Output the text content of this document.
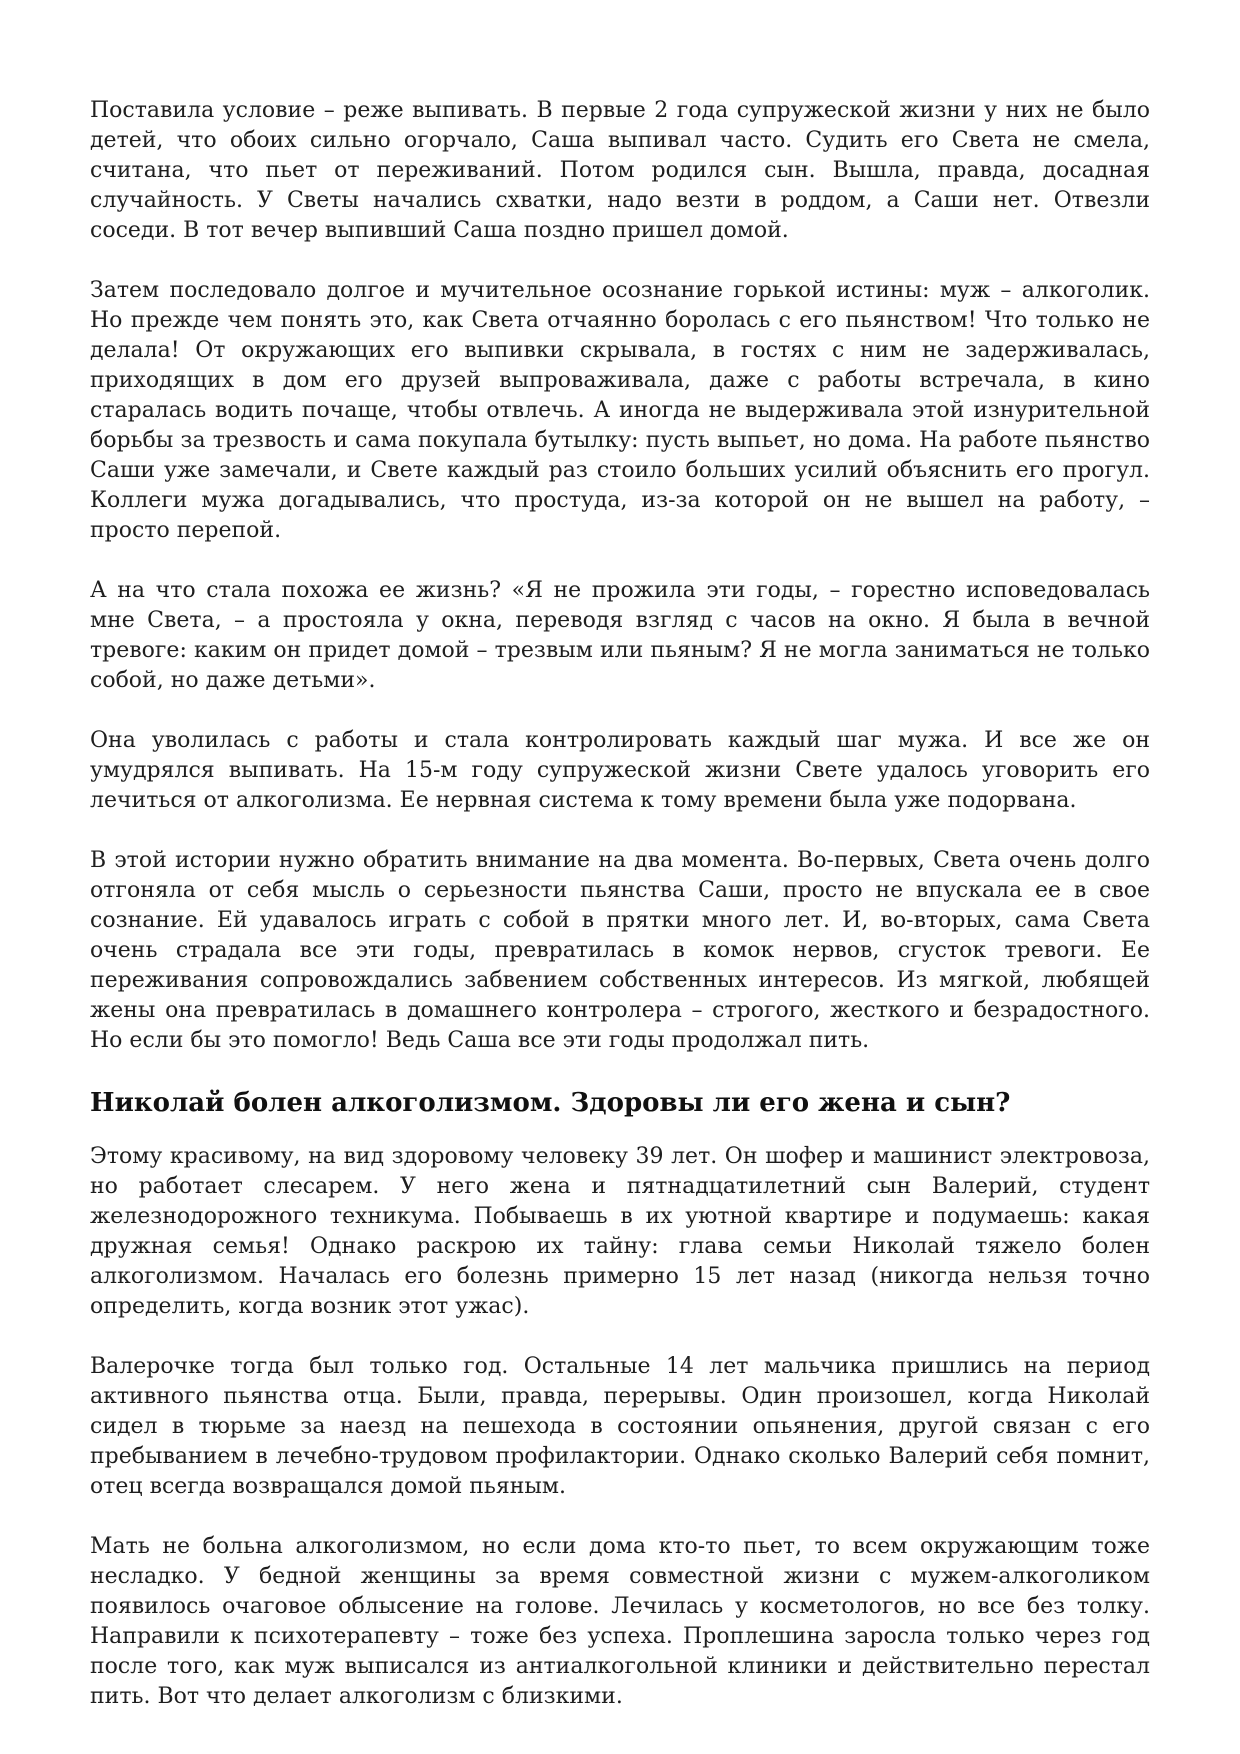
Поставила условие – реже выпивать. В первые 2 года супружеской жизни у них не было детей, что обоих сильно огорчало, Саша выпивал часто. Судить его Света не смела, считана, что пьет от переживаний. Потом родился сын. Вышла, правда, досадная случайность. У Светы начались схватки, надо везти в роддом, а Саши нет. Отвезли соседи. В тот вечер выпивший Саша поздно пришел домой.

Затем последовало долгое и мучительное осознание горькой истины: муж – алкоголик. Но прежде чем понять это, как Света отчаянно боролась с его пьянством! Что только не делала! От окружающих его выпивки скрывала, в гостях с ним не задерживалась, приходящих в дом его друзей выпроваживала, даже с работы встречала, в кино старалась водить почаще, чтобы отвлечь. А иногда не выдерживала этой изнурительной борьбы за трезвость и сама покупала бутылку: пусть выпьет, но дома. На работе пьянство Саши уже замечали, и Свете каждый раз стоило больших усилий объяснить его прогул. Коллеги мужа догадывались, что простуда, из-за которой он не вышел на работу, – просто перепой.

А на что стала похожа ее жизнь? «Я не прожила эти годы, – горестно исповедовалась мне Света, – а простояла у окна, переводя взгляд с часов на окно. Я была в вечной тревоге: каким он придет домой – трезвым или пьяным? Я не могла заниматься не только собой, но даже детьми».

Она уволилась с работы и стала контролировать каждый шаг мужа. И все же он умудрялся выпивать. На 15-м году супружеской жизни Свете удалось уговорить его лечиться от алкоголизма. Ее нервная система к тому времени была уже подорвана.

В этой истории нужно обратить внимание на два момента. Во-первых, Света очень долго отгоняла от себя мысль о серьезности пьянства Саши, просто не впускала ее в свое сознание. Ей удавалось играть с собой в прятки много лет. И, во-вторых, сама Света очень страдала все эти годы, превратилась в комок нервов, сгусток тревоги. Ее переживания сопровождались забвением собственных интересов. Из мягкой, любящей жены она превратилась в домашнего контролера – строгого, жесткого и безрадостного. Но если бы это помогло! Ведь Саша все эти годы продолжал пить.

Николай болен алкоголизмом. Здоровы ли его жена и сын?

Этому красивому, на вид здоровому человеку 39 лет. Он шофер и машинист электровоза, но работает слесарем. У него жена и пятнадцатилетний сын Валерий, студент железнодорожного техникума. Побываешь в их уютной квартире и подумаешь: какая дружная семья! Однако раскрою их тайну: глава семьи Николай тяжело болен алкоголизмом. Началась его болезнь примерно 15 лет назад (никогда нельзя точно определить, когда возник этот ужас).

Валерочке тогда был только год. Остальные 14 лет мальчика пришлись на период активного пьянства отца. Были, правда, перерывы. Один произошел, когда Николай сидел в тюрьме за наезд на пешехода в состоянии опьянения, другой связан с его пребыванием в лечебно-трудовом профилактории. Однако сколько Валерий себя помнит, отец всегда возвращался домой пьяным.

Мать не больна алкоголизмом, но если дома кто-то пьет, то всем окружающим тоже несладко. У бедной женщины за время совместной жизни с мужем-алкоголиком появилось очаговое облысение на голове. Лечилась у косметологов, но все без толку. Направили к психотерапевту – тоже без успеха. Проплешина заросла только через год после того, как муж выписался из антиалкогольной клиники и действительно перестал пить. Вот что делает алкоголизм с близкими.
